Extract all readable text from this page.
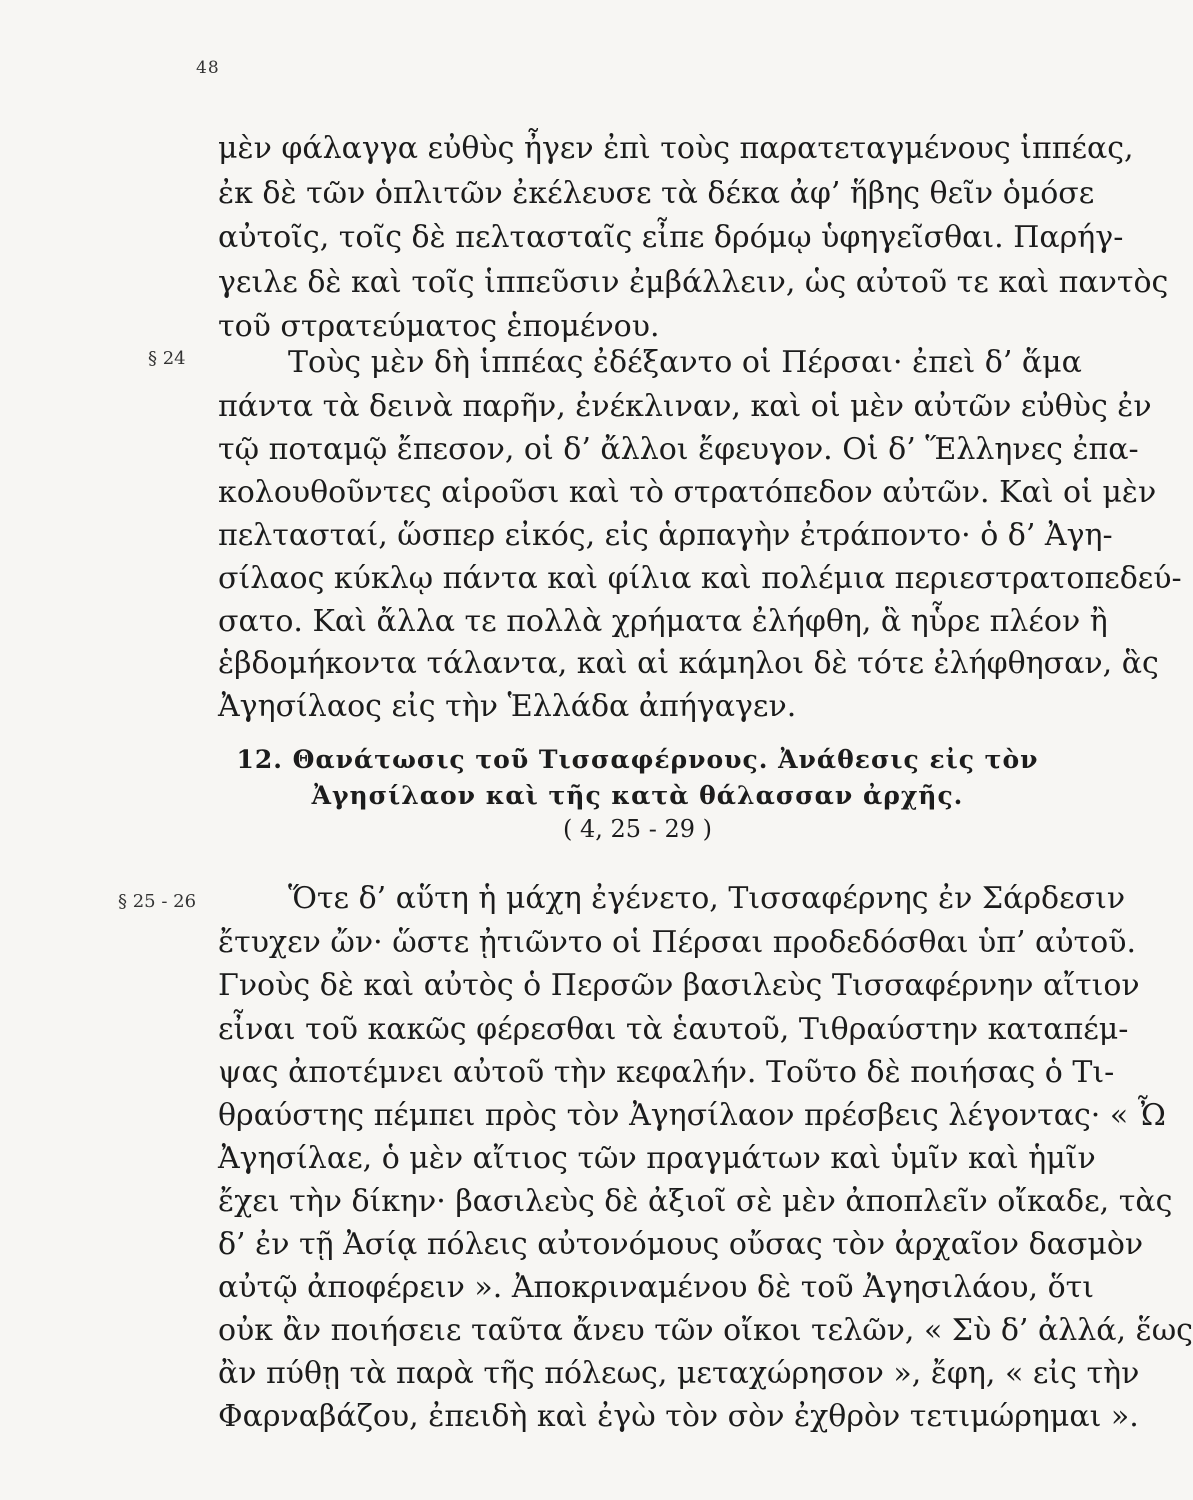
48
μὲν φάλαγγα εὐθὺς ἦγεν ἐπὶ τοὺς παρατεταγμένους ἱππέας,
ἐκ δὲ τῶν ὁπλιτῶν ἐκέλευσε τὰ δέκα ἀφ’ ἥβης θεῖν ὁμόσε
αὐτοῖς, τοῖς δὲ πελτασταῖς εἶπε δρόμῳ ὑφηγεῖσθαι. Παρήγ-
γειλε δὲ καὶ τοῖς ἱππεῦσιν ἐμβάλλειν, ὡς αὐτοῦ τε καὶ παντὸς
τοῦ στρατεύματος ἑπομένου.
§ 24	Τοὺς μὲν δὴ ἱππέας ἐδέξαντο οἱ Πέρσαι· ἐπεὶ δ’ ἅμα
πάντα τὰ δεινὰ παρῆν, ἐνέκλιναν, καὶ οἱ μὲν αὐτῶν εὐθὺς ἐν
τῷ ποταμῷ ἔπεσον, οἱ δ’ ἄλλοι ἔφευγον. Οἱ δ’ Ἕλληνες ἐπα-
κολουθοῦντες αἱροῦσι καὶ τὸ στρατόπεδον αὐτῶν. Καὶ οἱ μὲν
πελτασταί, ὥσπερ εἰκός, εἰς ἁρπαγὴν ἐτράποντο· ὁ δ’ Ἀγη-
σίλαος κύκλῳ πάντα καὶ φίλια καὶ πολέμια περιεστρατοπεδεύ-
σατο. Καὶ ἄλλα τε πολλὰ χρήματα ἐλήφθη, ἃ ηὗρε πλέον ἢ
ἑβδομήκοντα τάλαντα, καὶ αἱ κάμηλοι δὲ τότε ἐλήφθησαν, ἃς
Ἀγησίλαος εἰς τὴν Ἑλλάδα ἀπήγαγεν.
12. Θανάτωσις τοῦ Τισσαφέρνους. Ἀνάθεσις εἰς τὸν
Ἀγησίλαον καὶ τῆς κατὰ θάλασσαν ἀρχῆς.
( 4, 25 - 29 )
§ 25 - 26	Ὅτε δ’ αὕτη ἡ μάχη ἐγένετο, Τισσαφέρνης ἐν Σάρδεσιν
ἔτυχεν ὤν· ὥστε ᾐτιῶντο οἱ Πέρσαι προδεδόσθαι ὑπ’ αὐτοῦ.
Γνοὺς δὲ καὶ αὐτὸς ὁ Περσῶν βασιλεὺς Τισσαφέρνην αἴτιον
εἶναι τοῦ κακῶς φέρεσθαι τὰ ἑαυτοῦ, Τιθραύστην καταπέμ-
ψας ἀποτέμνει αὐτοῦ τὴν κεφαλήν. Τοῦτο δὲ ποιήσας ὁ Τι-
θραύστης πέμπει πρὸς τὸν Ἀγησίλαον πρέσβεις λέγοντας· « Ὦ
Ἀγησίλαε, ὁ μὲν αἴτιος τῶν πραγμάτων καὶ ὑμῖν καὶ ἡμῖν
ἔχει τὴν δίκην· βασιλεὺς δὲ ἀξιοῖ σὲ μὲν ἀποπλεῖν οἴκαδε, τὰς
δ’ ἐν τῇ Ἀσίᾳ πόλεις αὐτονόμους οὔσας τὸν ἀρχαῖον δασμὸν
αὐτῷ ἀποφέρειν ». Ἀποκριναμένου δὲ τοῦ Ἀγησιλάου, ὅτι
οὐκ ἂν ποιήσειε ταῦτα ἄνευ τῶν οἴκοι τελῶν, « Σὺ δ’ ἀλλά, ἕως
ἂν πύθῃ τὰ παρὰ τῆς πόλεως, μεταχώρησον », ἔφη, « εἰς τὴν
Φαρναβάζου, ἐπειδὴ καὶ ἐγὼ τὸν σὸν ἐχθρὸν τετιμώρημαι ».
